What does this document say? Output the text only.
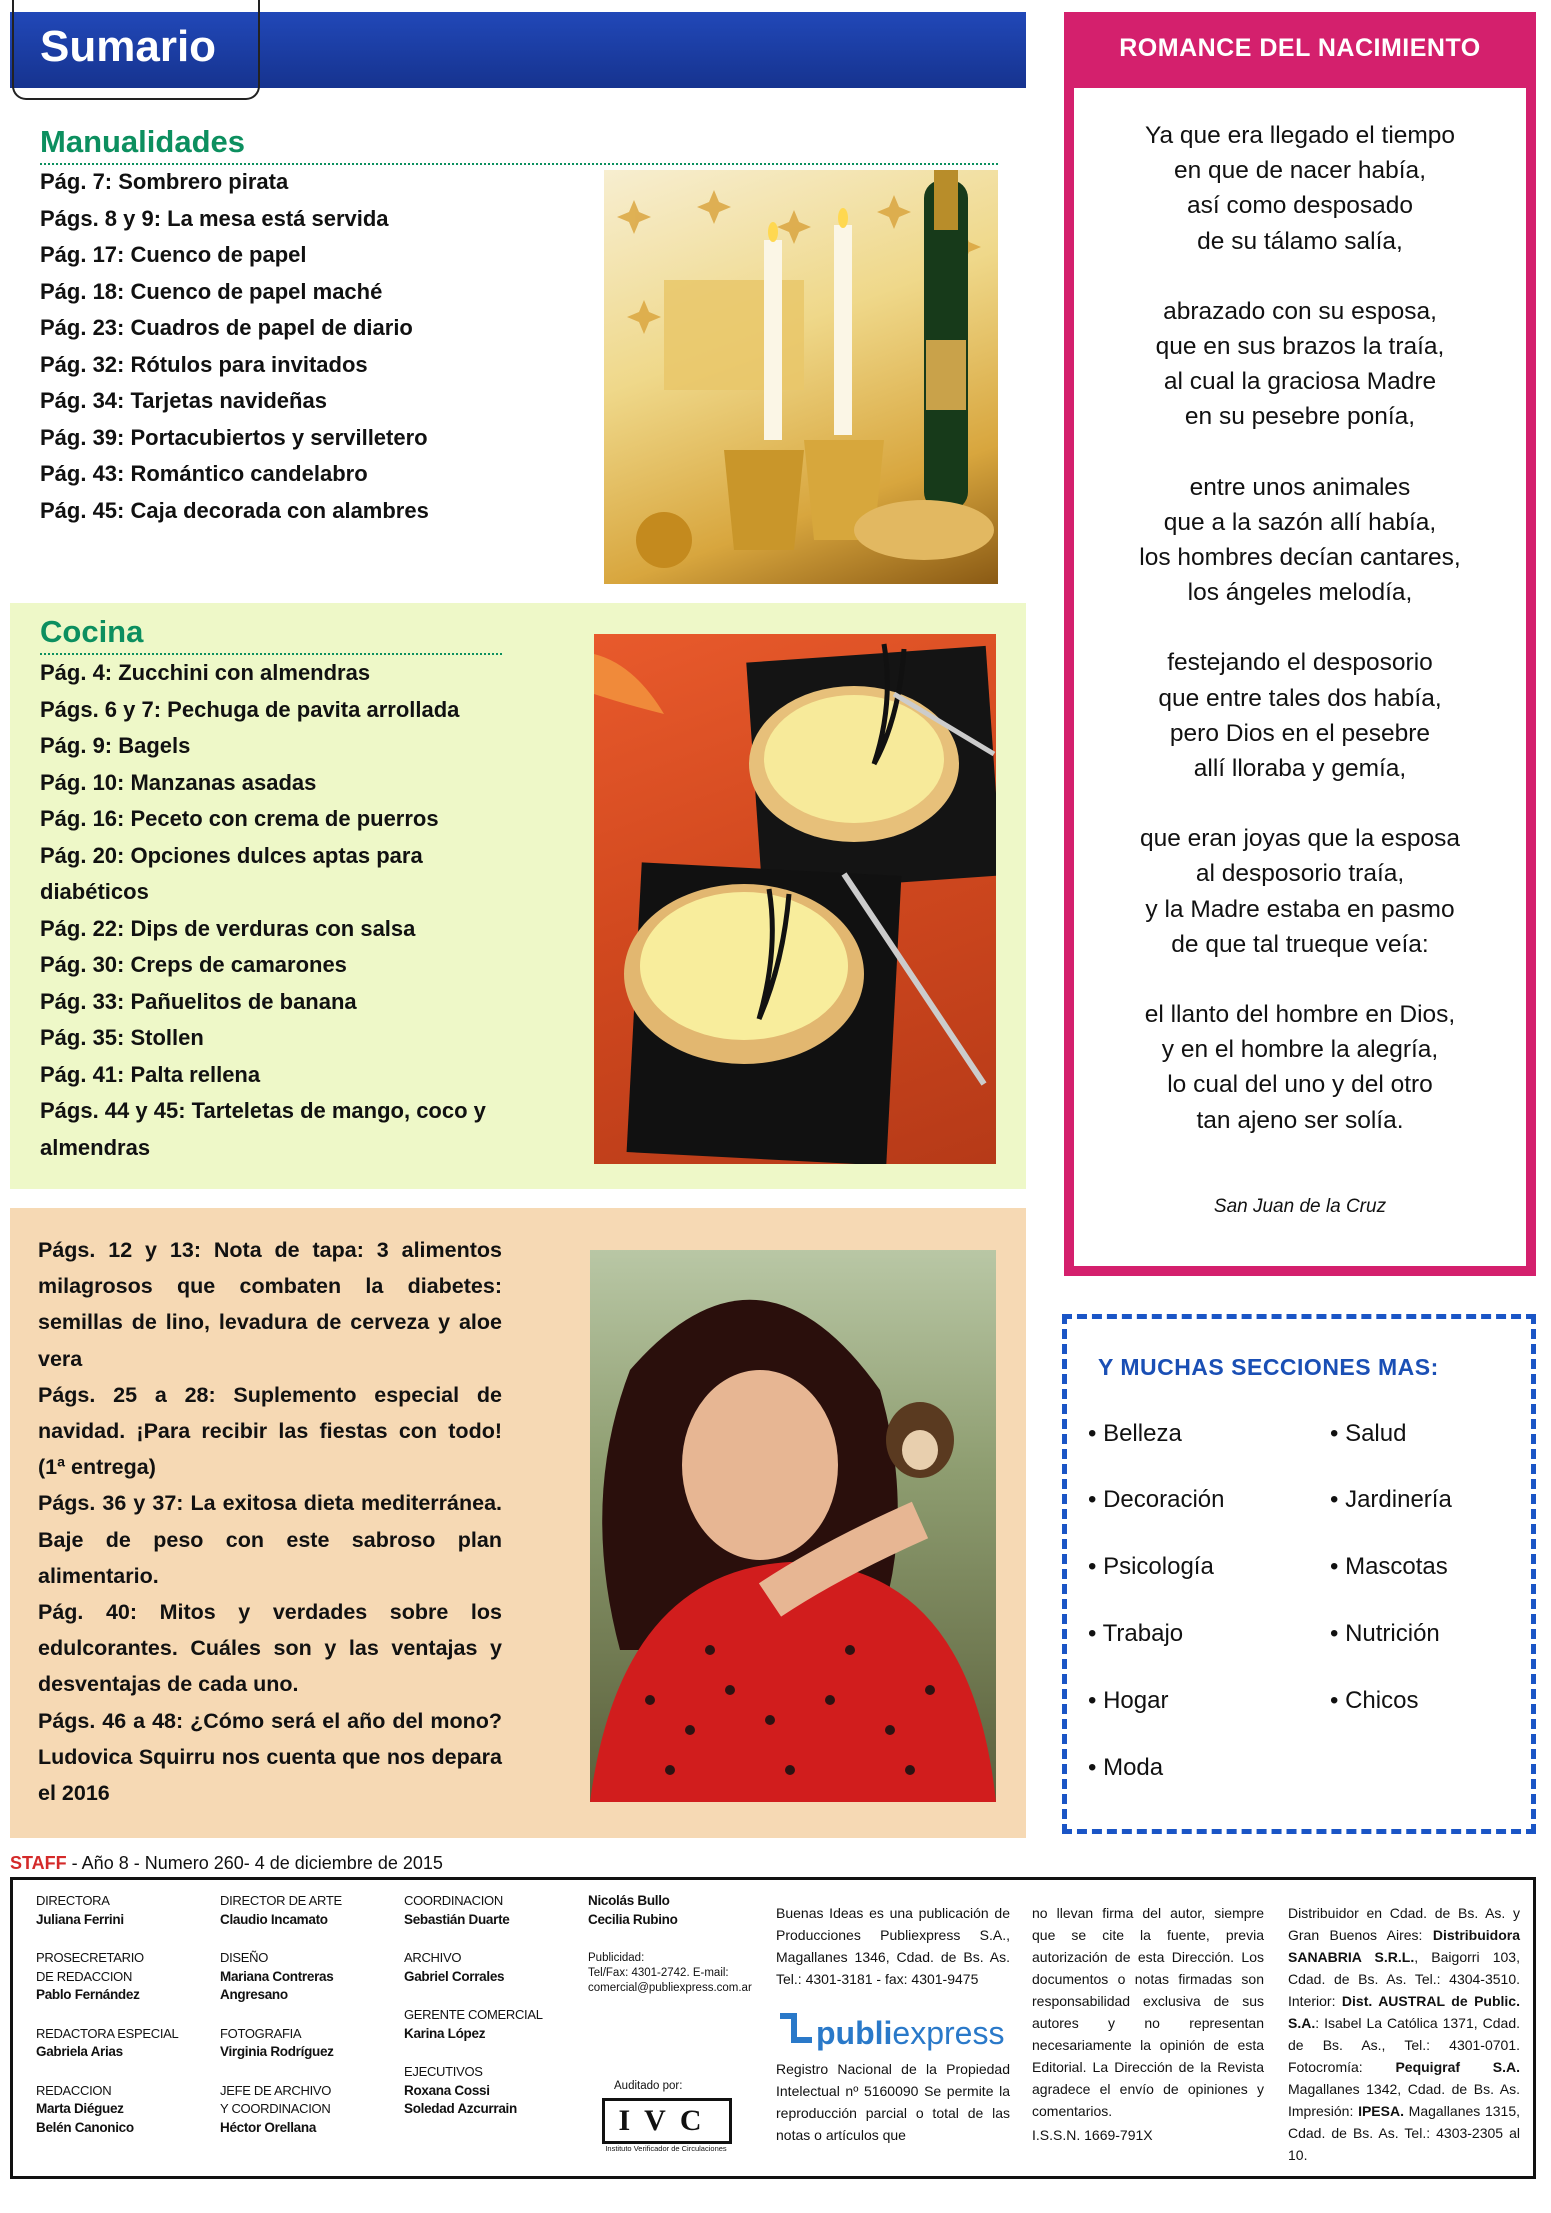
Sumario
Manualidades
Pág. 7: Sombrero pirata
Págs. 8 y 9: La mesa está servida
Pág. 17: Cuenco de papel
Pág. 18: Cuenco de papel maché
Pág. 23: Cuadros de papel de diario
Pág. 32: Rótulos para invitados
Pág. 34: Tarjetas navideñas
Pág. 39: Portacubiertos y servilletero
Pág. 43: Romántico candelabro
Pág. 45: Caja decorada con alambres
Cocina
Pág. 4: Zucchini con almendras
Págs. 6 y 7: Pechuga de pavita arrollada
Pág. 9: Bagels
Pág. 10: Manzanas asadas
Pág. 16: Peceto con crema de puerros
Pág. 20: Opciones dulces aptas para
diabéticos
Pág. 22: Dips de verduras con salsa
Pág. 30: Creps de camarones
Pág. 33: Pañuelitos de banana
Pág. 35: Stollen
Pág. 41: Palta rellena
Págs. 44 y 45: Tarteletas de mango, coco y
almendras

Págs. 12 y 13: Nota de tapa: 3 alimentos milagrosos que combaten la diabetes: semillas de lino, levadura de cerveza y aloe vera

Págs. 25 a 28: Suplemento especial de navidad. ¡Para recibir las fiestas con todo! (1ª entrega)

Págs. 36 y 37: La exitosa dieta mediterránea. Baje de peso con este sabroso plan alimentario.

Pág. 40: Mitos y verdades sobre los edulcorantes. Cuáles son y las ventajas y desventajas de cada uno.

Págs. 46 a 48: ¿Cómo será el año del mono? Ludovica Squirru nos cuenta que nos depara el 2016

ROMANCE DEL NACIMIENTO
Ya que era llegado el tiempo
en que de nacer había,
así como desposado
de su tálamo salía,
abrazado con su esposa,
que en sus brazos la traía,
al cual la graciosa Madre
en su pesebre ponía,
entre unos animales
que a la sazón allí había,
los hombres decían cantares,
los ángeles melodía,
festejando el desposorio
que entre tales dos había,
pero Dios en el pesebre
allí lloraba y gemía,
que eran joyas que la esposa
al desposorio traía,
y la Madre estaba en pasmo
de que tal trueque veía:
el llanto del hombre en Dios,
y en el hombre la alegría,
lo cual del uno y del otro
tan ajeno ser solía.
San Juan de la Cruz
Y MUCHAS SECCIONES MAS:
• Belleza
• Decoración
• Psicología
• Trabajo
• Hogar
• Moda
• Salud
• Jardinería
• Mascotas
• Nutrición
• Chicos
STAFF - Año 8 - Numero 260- 4 de diciembre de 2015
DIRECTORA
Juliana Ferrini
PROSECRETARIO
DE REDACCION
Pablo Fernández
REDACTORA ESPECIAL
Gabriela Arias
REDACCION
Marta Diéguez
Belén Canonico
DIRECTOR DE ARTE
Claudio Incamato
DISEÑO
Mariana Contreras
Angresano
FOTOGRAFIA
Virginia Rodríguez
JEFE DE ARCHIVO
Y COORDINACION
Héctor Orellana
COORDINACION
Sebastián Duarte
ARCHIVO
Gabriel Corrales
GERENTE COMERCIAL
Karina López
EJECUTIVOS
Roxana Cossi
Soledad Azcurrain
Nicolás Bullo
Cecilia Rubino
Publicidad:
Tel/Fax: 4301-2742. E-mail: comercial@publiexpress.com.ar
Auditado por:
IVC
Instituto Verificador de Circulaciones
Buenas Ideas es una publicación de Producciones Publiexpress S.A., Magallanes 1346, Cdad. de Bs. As. Tel.: 4301-3181 - fax: 4301-9475
publiexpress
Registro Nacional de la Propiedad Intelectual nº 5160090 Se permite la reproducción parcial o total de las notas o artículos que
no llevan firma del autor, siempre que se cite la fuente, previa autorización de esta Dirección. Los documentos o notas firmadas son responsabilidad exclusiva de sus autores y no representan necesariamente la opinión de esta Editorial. La Dirección de la Revista agradece el envío de opiniones y comentarios.
I.S.S.N. 1669-791X
Distribuidor en Cdad. de Bs. As. y Gran Buenos Aires: Distribuidora SANABRIA S.R.L., Baigorri 103, Cdad. de Bs. As. Tel.: 4304-3510. Interior: Dist. AUSTRAL de Public. S.A.: Isabel La Católica 1371, Cdad. de Bs. As., Tel.: 4301-0701. Fotocromía: Pequigraf S.A. Magallanes 1342, Cdad. de Bs. As. Impresión: IPESA. Magallanes 1315, Cdad. de Bs. As. Tel.: 4303-2305 al 10.
